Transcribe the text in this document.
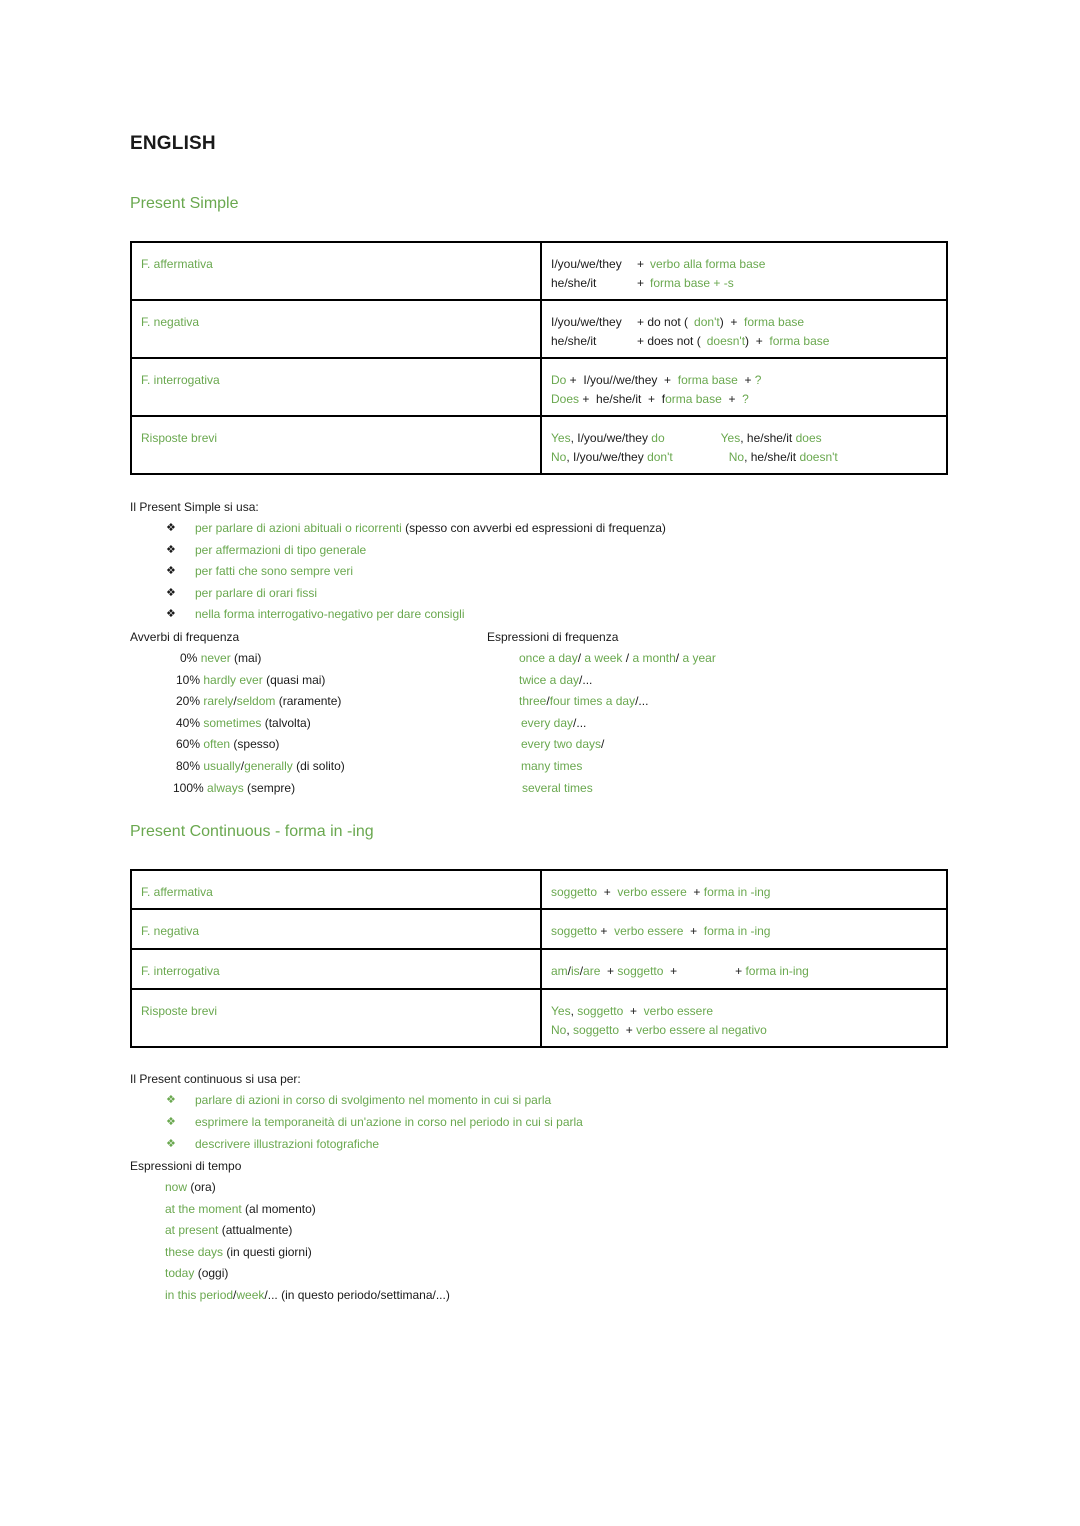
ENGLISH
Present Simple
F. affermativa	I/you/we/they + verbo alla forma base
he/she/it + forma base + -s

F. negativa	I/you/we/they + do not ( don't)  +  forma base
he/she/it + does not ( doesn't)  +  forma base

F. interrogativa	Do +  I/you//we/they  +  forma base  + ?
Does +  he/she/it  +  forma base  +  ?

Risposte brevi	Yes, I/you/we/they do Yes, he/she/it does
No, I/you/we/they don't No, he/she/it doesn't
Il Present Simple si usa:
❖ per parlare di azioni abituali o ricorrenti (spesso con avverbi ed espressioni di frequenza)
❖ per affermazioni di tipo generale
❖ per fatti che sono sempre veri
❖ per parlare di orari fissi
❖ nella forma interrogativo-negativo per dare consigli
Avverbi di frequenza
0% never (mai)
10% hardly ever (quasi mai)
20% rarely/seldom (raramente)
40% sometimes (talvolta)
60% often (spesso)
80% usually/generally (di solito)
100% always (sempre)
Espressioni di frequenza
once a day/ a week / a month/ a year
twice a day/...
three/four times a day/...
every day/...
every two days/
many times
several times
Present Continuous - forma in -ing
F. affermativa	soggetto  +  verbo essere  + forma in -ing

F. negativa	soggetto +  verbo essere  +  forma in -ing

F. interrogativa	am/is/are  + soggetto  + + forma in-ing

Risposte brevi	Yes, soggetto  +  verbo essere
No, soggetto  + verbo essere al negativo
Il Present continuous si usa per:
❖ parlare di azioni in corso di svolgimento nel momento in cui si parla
❖ esprimere la temporaneità di un'azione in corso nel periodo in cui si parla
❖ descrivere illustrazioni fotografiche
Espressioni di tempo
now (ora)
at the moment (al momento)
at present (attualmente)
these days (in questi giorni)
today (oggi)
in this period/week/... (in questo periodo/settimana/...)
